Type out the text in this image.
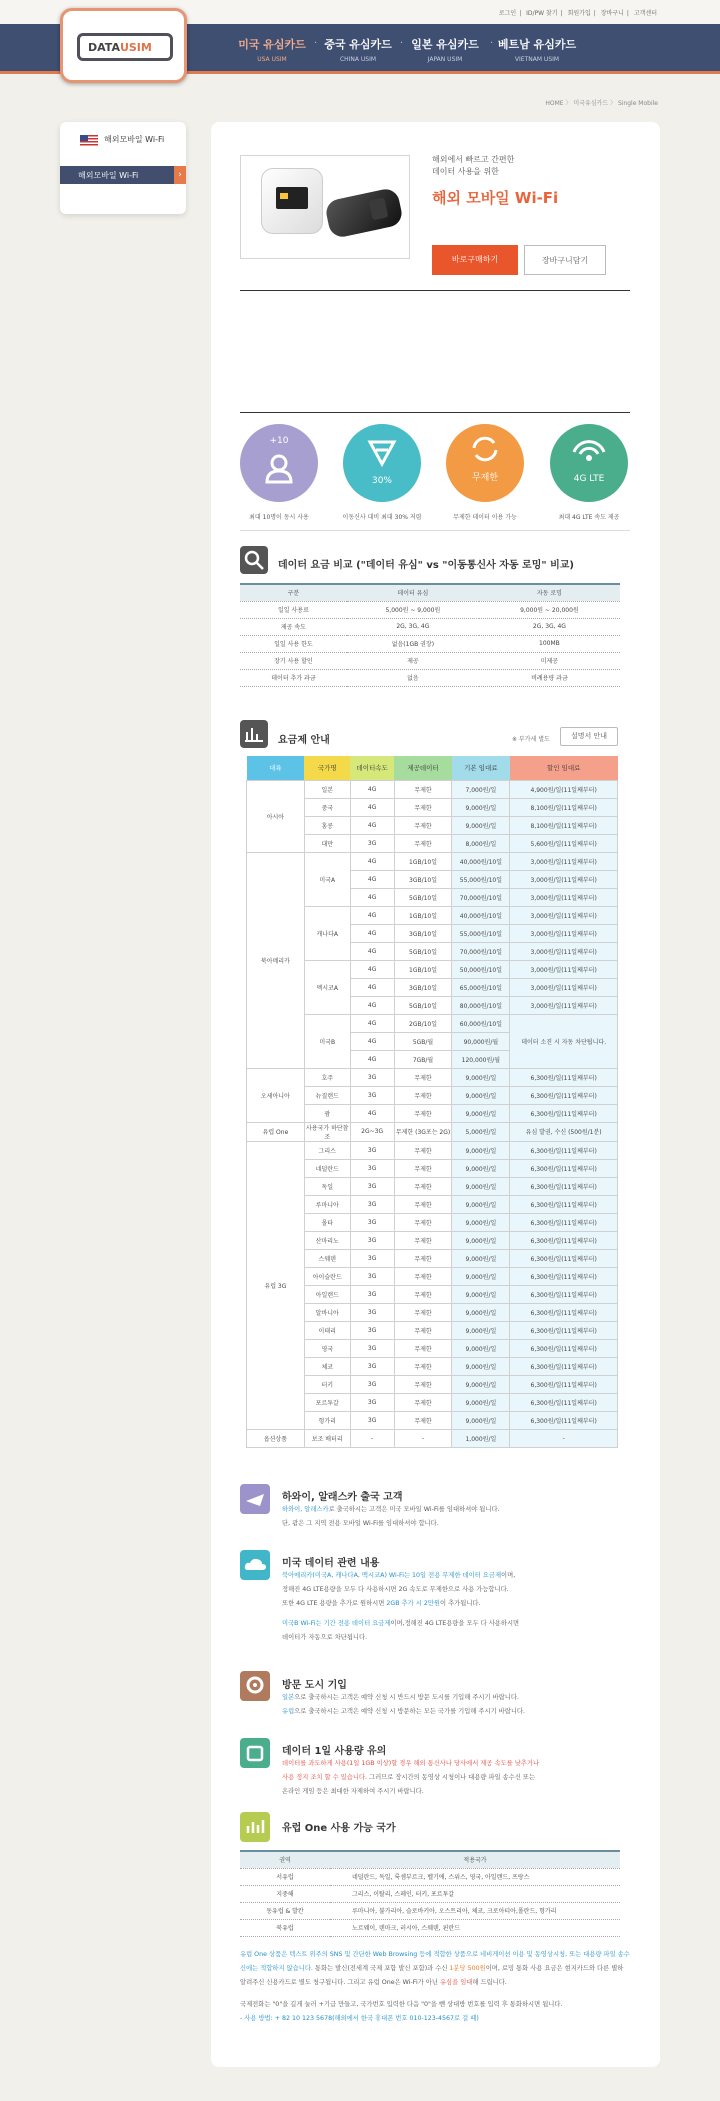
로그인 | ID/PW 찾기 | 회원가입 | 장바구니 | 고객센터
DATAUSIM	미국 유심카드
USA USIM
· 중국 유심카드
CHINA USIM
· 일본 유심카드
JAPAN USIM
· 베트남 유심카드
VIETNAM USIM
HOME 〉 미국유심카드 〉 Single Mobile
해외모바일 Wi-Fi
해외모바일 Wi-Fi	›
해외에서 빠르고 간편한
데이터 사용을 위한
해외 모바일 Wi-Fi
바로구매하기	장바구니담기
+10
30%	무제한	4G LTE
최대 10명이 동시 사용	이동신사 대비 최대 30% 저렴	무제한 데이터 이용 가능	최대 4G LTE 속도 제공
데이터 요금 비교 ("데이터 유심" vs "이동통신사 자동 로밍" 비교)
구분	데이터 유심	자동 로밍
일일 사용료	5,000원 ~ 9,000원	9,000원 ~ 20,000원
제공 속도	2G, 3G, 4G	2G, 3G, 4G
일일 사용 한도	없음(1GB 권장)	100MB
장기 사용 할인	제공	미제공
데이터 추가 과금	없음	비례용량 과금
요금제 안내	※ 부가세 별도	설명서 안내
대륙	국가명	데이터속도	제공데이터	기본 임대료	할인 임대료
아시아	일본	4G	무제한	7,000원/일	4,900원/일(11일째부터)
	중국	4G	무제한	9,000원/일	8,100원/일(11일째부터)
	홍콩	4G	무제한	9,000원/일	8,100원/일(11일째부터)
	대만	3G	무제한	8,000원/일	5,600원/일(11일째부터)
북아메리카	미국A	4G	1GB/10일	40,000원/10일	3,000원/일(11일째부터)
		4G	3GB/10일	55,000원/10일	3,000원/일(11일째부터)
		4G	5GB/10일	70,000원/10일	3,000원/일(11일째부터)
	캐나다A	4G	1GB/10일	40,000원/10일	3,000원/일(11일째부터)
		4G	3GB/10일	55,000원/10일	3,000원/일(11일째부터)
		4G	5GB/10일	70,000원/10일	3,000원/일(11일째부터)
	멕시코A	4G	1GB/10일	50,000원/10일	3,000원/일(11일째부터)
		4G	3GB/10일	65,000원/10일	3,000원/일(11일째부터)
		4G	5GB/10일	80,000원/10일	3,000원/일(11일째부터)
	미국B	4G	2GB/10일	60,000원/10일	데이터 소진 시 자동 차단됩니다.
		4G	5GB/월	90,000원/월	
		4G	7GB/월	120,000원/월	
오세아니아	호주	3G	무제한	9,000원/일	6,300원/일(11일째부터)
	뉴질랜드	3G	무제한	9,000원/일	6,300원/일(11일째부터)
	괌	4G	무제한	9,000원/일	6,300원/일(11일째부터)
유럽 One	사용국가 하단참조	2G~3G	무제한 (3G포는 2G)	5,000원/일	유심 발권, 수신 (500원/1분)
유럽 3G	그리스	3G	무제한	9,000원/일	6,300원/일(11일째부터)
	네덜란드	3G	무제한	9,000원/일	6,300원/일(11일째부터)
	독일	3G	무제한	9,000원/일	6,300원/일(11일째부터)
	루마니아	3G	무제한	9,000원/일	6,300원/일(11일째부터)
	몰타	3G	무제한	9,000원/일	6,300원/일(11일째부터)
	산마리노	3G	무제한	9,000원/일	6,300원/일(11일째부터)
	스웨덴	3G	무제한	9,000원/일	6,300원/일(11일째부터)
	아이슬란드	3G	무제한	9,000원/일	6,300원/일(11일째부터)
	아일랜드	3G	무제한	9,000원/일	6,300원/일(11일째부터)
	알바니아	3G	무제한	9,000원/일	6,300원/일(11일째부터)
	이태리	3G	무제한	9,000원/일	6,300원/일(11일째부터)
	영국	3G	무제한	9,000원/일	6,300원/일(11일째부터)
	체코	3G	무제한	9,000원/일	6,300원/일(11일째부터)
	터키	3G	무제한	9,000원/일	6,300원/일(11일째부터)
	포르투갈	3G	무제한	9,000원/일	6,300원/일(11일째부터)
	헝가리	3G	무제한	9,000원/일	6,300원/일(11일째부터)
옵션상품	보조 배터리	-	-	1,000원/일	-
하와이, 알래스카 출국 고객
하와이, 알래스카로 출국하시는 고객은 미국 모바일 Wi-Fi를 임대하셔야 됩니다.
단, 괌은 그 지역 전용 모바일 Wi-Fi를 임대하셔야 합니다.
미국 데이터 관련 내용
북아메리카(미국A, 캐나다A, 멕시코A) Wi-Fi는 10일 전용 무제한 데이터 요금제이며,
정해진 4G LTE용량을 모두 다 사용하시면 2G 속도로 무제한으로 사용 가능합니다.
또한 4G LTE 용량을 추가로 원하시면 2GB 추가 시 2만원이 추가됩니다.
미국B Wi-Fi는 기간 전용 데이터 요금제이며,정해진 4G LTE용량을 모두 다 사용하시면
데이터가 자동으로 차단됩니다.
방문 도시 기입
일본으로 출국하시는 고객은 예약 신청 시 반드시 방문 도시를 기입해 주시기 바랍니다.
유럽으로 출국하시는 고객은 예약 신청 시 방문하는 모든 국가를 기입해 주시기 바랍니다.
데이터 1일 사용량 유의
데이터를 과도하게 사용(1일 1GB 이상)할 경우 해외 통신사나 당사에서 제공 속도를 낮추거나
사용 정지 조치 할 수 있습니다. 그러므로 장시간의 동영상 시청이나 대용량 파일 송수신 또는
온라인 게임 등은 최대한 자제하여 주시기 바랍니다.
유럽 One 사용 가능 국가
권역	적용국가
서유럽	네덜란드, 독일, 룩셈부르크, 벨기에, 스위스, 영국, 아일랜드, 프랑스
지중해	그리스, 이탈리, 스페인, 터키, 포르투갈
동유럽 & 발칸	루마니아, 불가리아, 슬로바키아, 오스트리아, 체코, 크로아티아,폴란드, 헝가리
북유럽	노르웨이, 덴마크, 러시아, 스웨덴, 핀란드
유럽 One 상품은 텍스트 위주의 SNS 및 간단한 Web Browsing 등에 적합한 상품으로 네비게이션 이용 및 동영상시청, 또는 대용량 파일 송수신에는 적합하지 않습니다. 통화는 발신(전세계 국제 포함 발신 포함)과 수신 1분당 500원이며, 로밍 통화 사용 요금은 현지카드와 다른 별하 알려주신 신용카드로 별도 청구됩니다. 그리고 유럽 One은 Wi-Fi가 아닌 유심을 임대해 드립니다.
국제전화는 "0"을 길게 눌러 +기급 만들고, 국가번호 입력한 다음 "0"을 뺀 상대방 번호를 입력 후 통화하시면 됩니다.
- 사용 방법: + 82 10 123 5678(해외에서 한국 휴대폰 번호 010-123-4567로 걸 때)
